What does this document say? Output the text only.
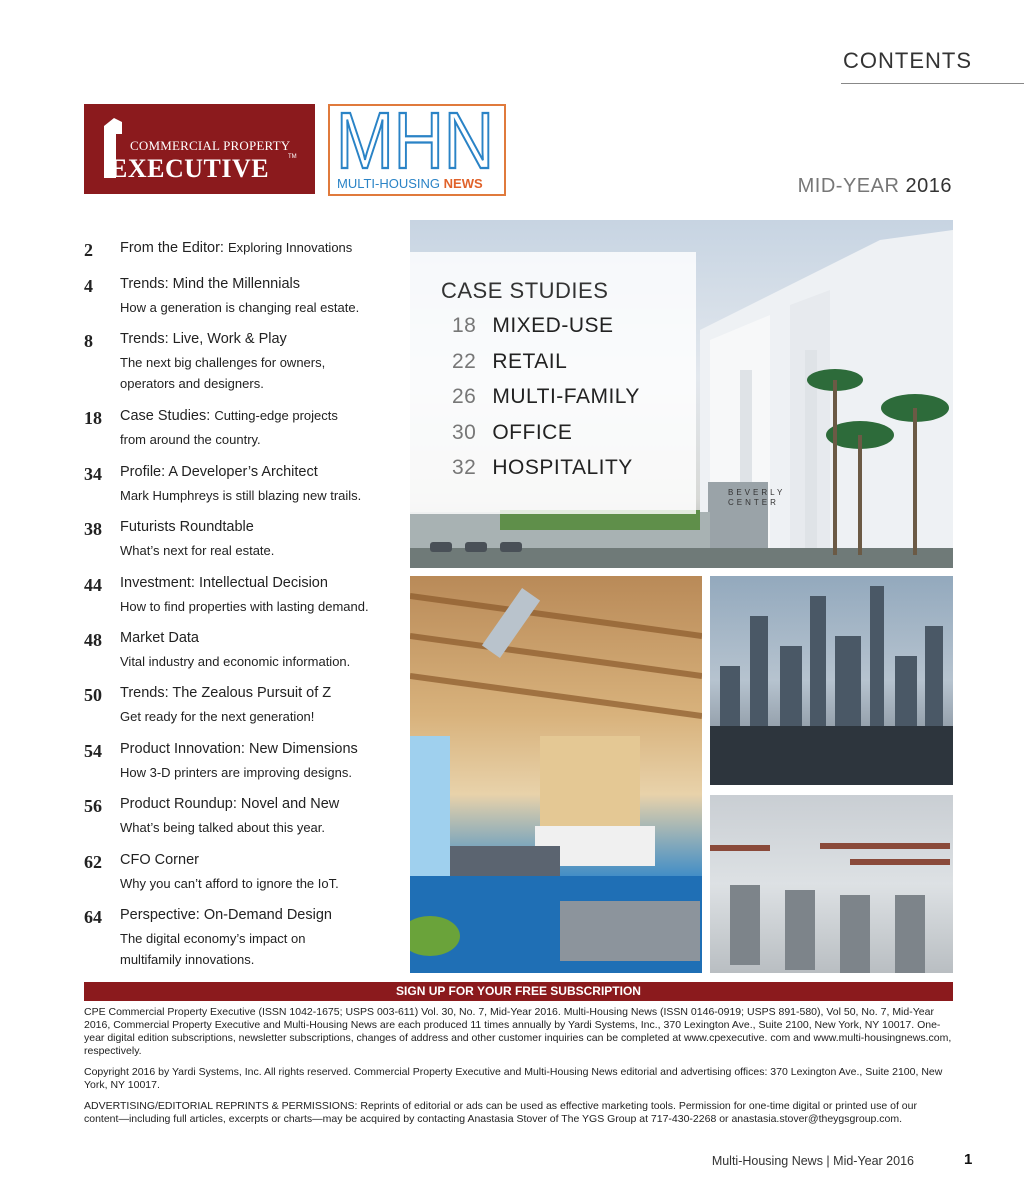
CONTENTS
COMMERCIAL PROPERTY
EXECUTIVE	TM MHN
MULTI-HOUSING NEWS	MID-YEAR 2016
2	From the Editor: Exploring Innovations
4	Trends: Mind the Millennials
How a generation is changing real estate.
8	Trends: Live, Work & Play
The next big challenges for owners, operators and designers.
18	Case Studies: Cutting-edge projects
from around the country.
34	Profile: A Developer’s Architect
Mark Humphreys is still blazing new trails.
38	Futurists Roundtable
What’s next for real estate.
44	Investment: Intellectual Decision
How to find properties with lasting demand.
48	Market Data
Vital industry and economic information.
50	Trends: The Zealous Pursuit of Z
Get ready for the next generation!
54	Product Innovation: New Dimensions
How 3-D printers are improving designs.
56	Product Roundup: Novel and New
What’s being talked about this year.
62	CFO Corner
Why you can’t afford to ignore the IoT.
64	Perspective: On-Demand Design
The digital economy’s impact on multifamily innovations.
BEVERLY CENTER
CASE STUDIES
18 MIXED-USE
22 RETAIL
26 MULTI-FAMILY
30 OFFICE
32 HOSPITALITY
SIGN UP FOR YOUR FREE SUBSCRIPTION

CPE Commercial Property Executive (ISSN 1042-1675; USPS 003-611) Vol. 30, No. 7, Mid-Year 2016. Multi-Housing News (ISSN 0146-0919; USPS 891-580), Vol 50, No. 7, Mid-Year 2016, Commercial Property Executive and Multi-Housing News are each produced 11 times annually by Yardi Systems, Inc., 370 Lexington Ave., Suite 2100, New York, NY 10017. One-year digital edition subscriptions, newsletter subscriptions, changes of address and other customer inquiries can be completed at www.cpexecutive. com and www.multi-housingnews.com, respectively.

Copyright 2016 by Yardi Systems, Inc. All rights reserved. Commercial Property Executive and Multi-Housing News editorial and advertising offices: 370 Lexington Ave., Suite 2100, New York, NY 10017.

ADVERTISING/EDITORIAL REPRINTS & PERMISSIONS: Reprints of editorial or ads can be used as effective marketing tools. Permission for one-time digital or printed use of our content—including full articles, excerpts or charts—may be acquired by contacting Anastasia Stover of The YGS Group at 717-430-2268 or anastasia.stover@theygsgroup.com.

Multi-Housing News | Mid-Year 2016	1
